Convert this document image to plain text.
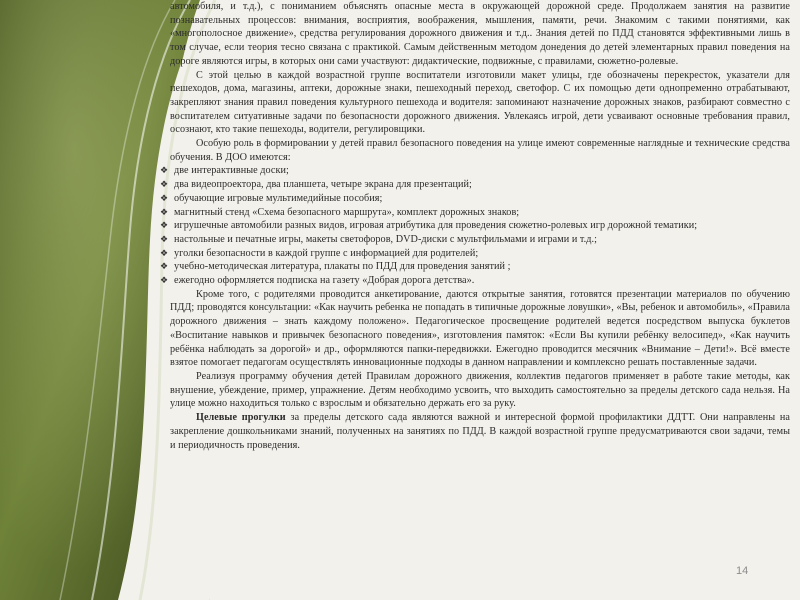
автомобиля, и т.д.), с пониманием объяснять опасные места в окружающей дорожной среде. Продолжаем занятия на развитие познавательных процессов: внимания, восприятия, воображения, мышления, памяти, речи. Знакомим с такими понятиями, как «многополосное движение», средства регулирования дорожного движения и т.д.. Знания детей по ПДД становятся эффективными лишь в том случае, если теория тесно связана с практикой. Самым действенным методом донедения до детей элементарных правил поведения на дороге являются игры, в которых они сами участвуют: дидактические, подвижные, с правилами, сюжетно-ролевые.

С этой целью в каждой возрастной группе воспитатели изготовили макет улицы, где обозначены перекресток, указатели для пешеходов, дома, магазины, аптеки, дорожные знаки, пешеходный переход, светофор. С их помощью дети однопременно отрабатывают, закрепляют знания правил поведения культурного пешехода и водителя: запоминают назначение дорожных знаков, разбирают совместно с воспитателем ситуативные задачи по безопасности дорожного движения. Увлекаясь игрой, дети усваивают основные требования правил, осознают, кто такие пешеходы, водители, регулировщики.

Особую роль в формировании у детей правил безопасного поведения на улице имеют современные наглядные и технические средства обучения. В ДОО имеются:

❖ две интерактивные доски;
❖ два видеопроектора, два планшета, четыре экрана для презентаций;
❖ обучающие игровые мультимедийные пособия;
❖ магнитный стенд «Схема безопасного маршрута», комплект дорожных знаков;
❖ игрушечные автомобили разных видов, игровая атрибутика для проведения сюжетно-ролевых игр дорожной тематики;
❖ настольные и печатные игры, макеты светофоров, DVD-диски с мультфильмами и играми и т.д.;
❖ уголки безопасности в каждой группе с информацией для родителей;
❖ учебно-методическая литература, плакаты по ПДД для проведения занятий ;
❖ ежегодно оформляется подписка на газету «Добрая дорога детства».

Кроме того, с родителями проводится анкетирование, даются открытые занятия, готовятся презентации материалов по обучению ПДД; проводятся консультации: «Как научить ребенка не попадать в типичные дорожные ловушки», «Вы, ребенок и автомобиль», «Правила дорожного движения – знать каждому положено». Педагогическое просвещение родителей ведется посредством выпуска буклетов «Воспитание навыков и привычек безопасного поведения», изготовления памяток: «Если Вы купили ребёнку велосипед», «Как научить ребёнка наблюдать за дорогой» и др., оформляются папки-передвижки. Ежегодно проводится месячник «Внимание – Дети!». Всё вместе взятое помогает педагогам осуществлять инновационные подходы в данном направлении и комплексно решать поставленные задачи.

Реализуя программу обучения детей Правилам дорожного движения, коллектив педагогов применяет в работе такие методы, как внушение, убеждение, пример, упражнение. Детям необходимо усвоить, что выходить самостоятельно за пределы детского сада нельзя. На улице можно находиться только с взрослым и обязательно держать его за руку.

Целевые прогулки за пределы детского сада являются важной и интересной формой профилактики ДДТТ. Они направлены на закрепление дошкольниками знаний, полученных на занятиях по ПДД. В каждой возрастной группе предусматриваются свои задачи, темы и периодичность проведения.

14
